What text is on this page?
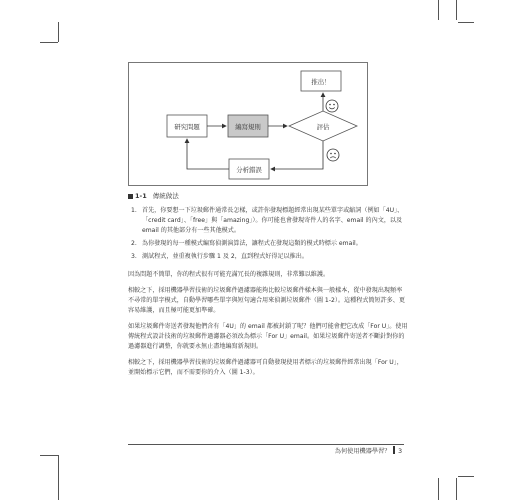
研究問題	編寫規則	評估
推出！
分析錯誤
1-1 傳統做法
1. 首先，你要想一下垃圾郵件通常長怎樣，或許你發現標題經常出現某些單字或縮詞（例如「4U」、「credit card」、「free」與「amazing」）。你可能也會發現寄件人的名字、email 的內文，以及 email 的其他部分有一些其他模式。
2. 為你發現的每一種模式編寫偵測演算法，讓程式在發現這類的模式時標示 email。
3. 測試程式，並重複執行步驟 1 及 2，直到程式好得足以推出。

因為問題不簡單，你的程式很有可能充滿冗長的複雜規則，非常難以維護。

相較之下，採用機器學習技術的垃圾郵件過濾器能夠比較垃圾郵件樣本與一般樣本，從中發現出現頻率不尋常的單字模式，自動學習哪些單字與短句適合用來偵測垃圾郵件（圖 1-2）。這種程式簡短許多、更容易維護，而且極可能更加準確。

如果垃圾郵件寄送者發現他們含有「4U」的 email 都被封鎖了呢？他們可能會把它改成「For U」。使用傳統程式設計技術的垃圾郵件過濾器必須改為標示「For U」email。如果垃圾郵件寄送者不斷針對你的過濾器進行調整，你就要永無止盡地編寫新規則。

相較之下，採用機器學習技術的垃圾郵件過濾器可自動發現使用者標示的垃圾郵件經常出現「For U」，並開始標示它們，而不需要你的介入（圖 1-3）。

為何使用機器學習？ 3
